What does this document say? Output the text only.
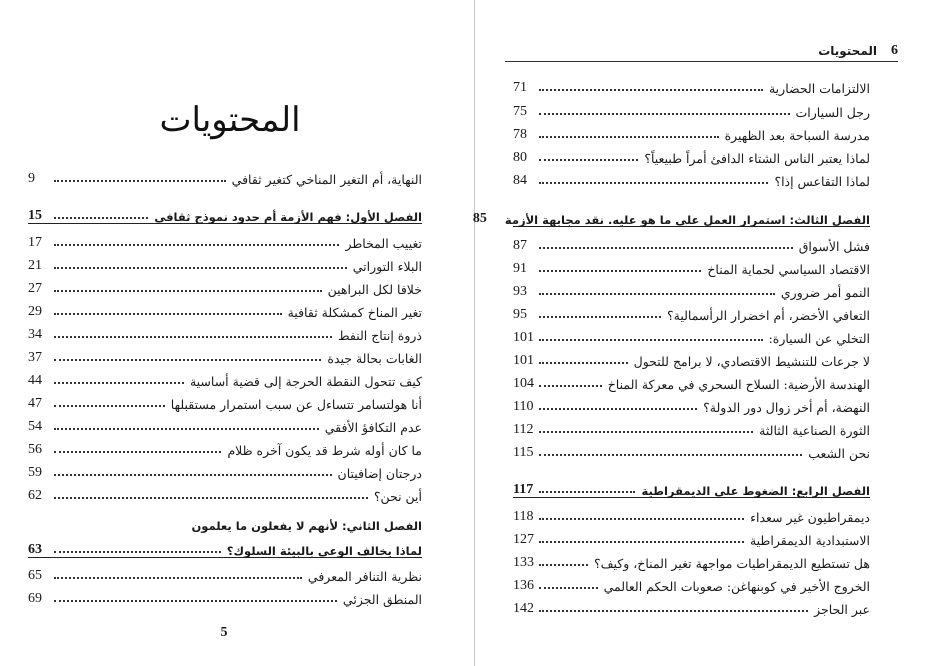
المحتويات
النهاية، أم التغير المناخي كتغير ثقافي
9
الفصل الأول: فهم الأزمة أم حدود نموذج ثقافي
15
تغييب المخاطر
17
البلاء التوراتي
21
خلافا لكل البراهين
27
تغير المناخ كمشكلة ثقافية
29
ذروة إنتاج النفط
34
الغابات بحالة جيدة
37
كيف تتحول النقطة الحرجة إلى قضية أساسية
44
أنا هولتسامر تتساءل عن سبب استمرار مستقبلها
47
عدم التكافؤ الأفقي
54
ما كان أوله شرط قد يكون آخره ظلام
56
درجتان إضافيتان
59
أين نحن؟
62
الفصل الثاني: لأنهم لا يفعلون ما يعلمون
لماذا يخالف الوعي بالبيئة السلوك؟
63
نظرية التنافر المعرفي
65
المنطق الجزئي
69
5
6
المحتويات
الالتزامات الحضارية
71
رجل السيارات
75
مدرسة السباحة بعد الظهيرة
78
لماذا يعتبر الناس الشتاء الدافئ أمراً طبيعياً؟
80
لماذا التقاعس إذا؟
84
الفصل الثالث: استمرار العمل على ما هو عليه. نقد مجابهة الأزمة
85
فشل الأسواق
87
الاقتصاد السياسي لحماية المناخ
91
النمو أمر ضروري
93
التعافي الأخضر، أم اخضرار الرأسمالية؟
95
التخلي عن السيارة:
101
لا جرعات للتنشيط الاقتصادي، لا برامج للتحول
101
الهندسة الأرضية: السلاح السحري في معركة المناخ
104
النهضة، أم أخر زوال دور الدولة؟
110
الثورة الصناعية الثالثة
112
نحن الشعب
115
الفصل الرابع: الضغوط على الديمقراطية
117
ديمقراطيون غير سعداء
118
الاستبدادية الديمقراطية
127
هل تستطيع الديمقراطيات مواجهة تغير المناخ، وكيف؟
133
الخروج الأخير في كوبنهاغن: صعوبات الحكم العالمي
136
عبر الحاجز
142
